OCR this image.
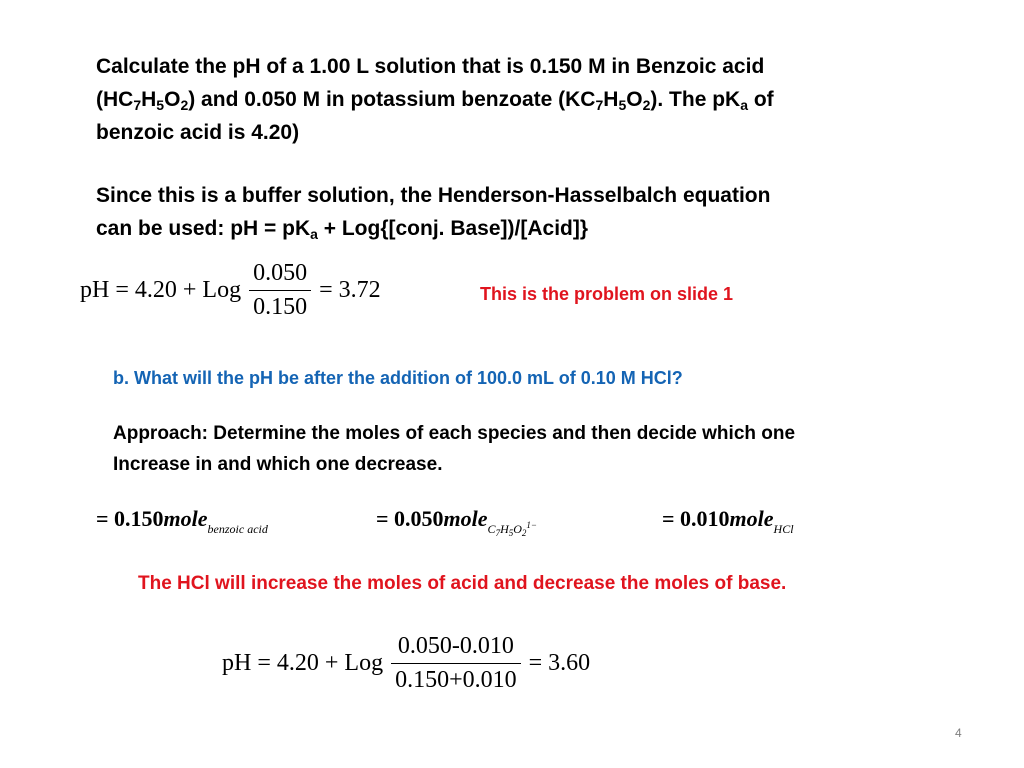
Calculate the pH of a 1.00 L solution that is 0.150 M in Benzoic acid
$(HC_7H_5O_2)$ and 0.050 M in potassium benzoate $(KC_7H_5O_2)$. The $pK_a$ of
benzoic acid is 4.20)
Since this is a buffer solution, the Henderson-Hasselbalch equation
can be used: pH = $pK_a$ + Log{[conj. Base])/[Acid]}
pH = 4.20 + Log $\frac{0.050}{0.150} = 3.72$	This is the problem on slide 1
b. What will the pH be after the addition of 100.0 mL of 0.10 M HCl?
Approach: Determine the moles of each species and then decide which one
Increase in and which one decrease.
= 0.150mole$_{benzoic acid}$	= 0.050mole$_{C_7H_5O_2^{1-}}$	= 0.010mole$_{HCl}$
The HCl will increase the moles of acid and decrease the moles of base.
pH = 4.20 + Log $\frac{0.050-0.010}{0.150+0.010} = 3.60$
4
